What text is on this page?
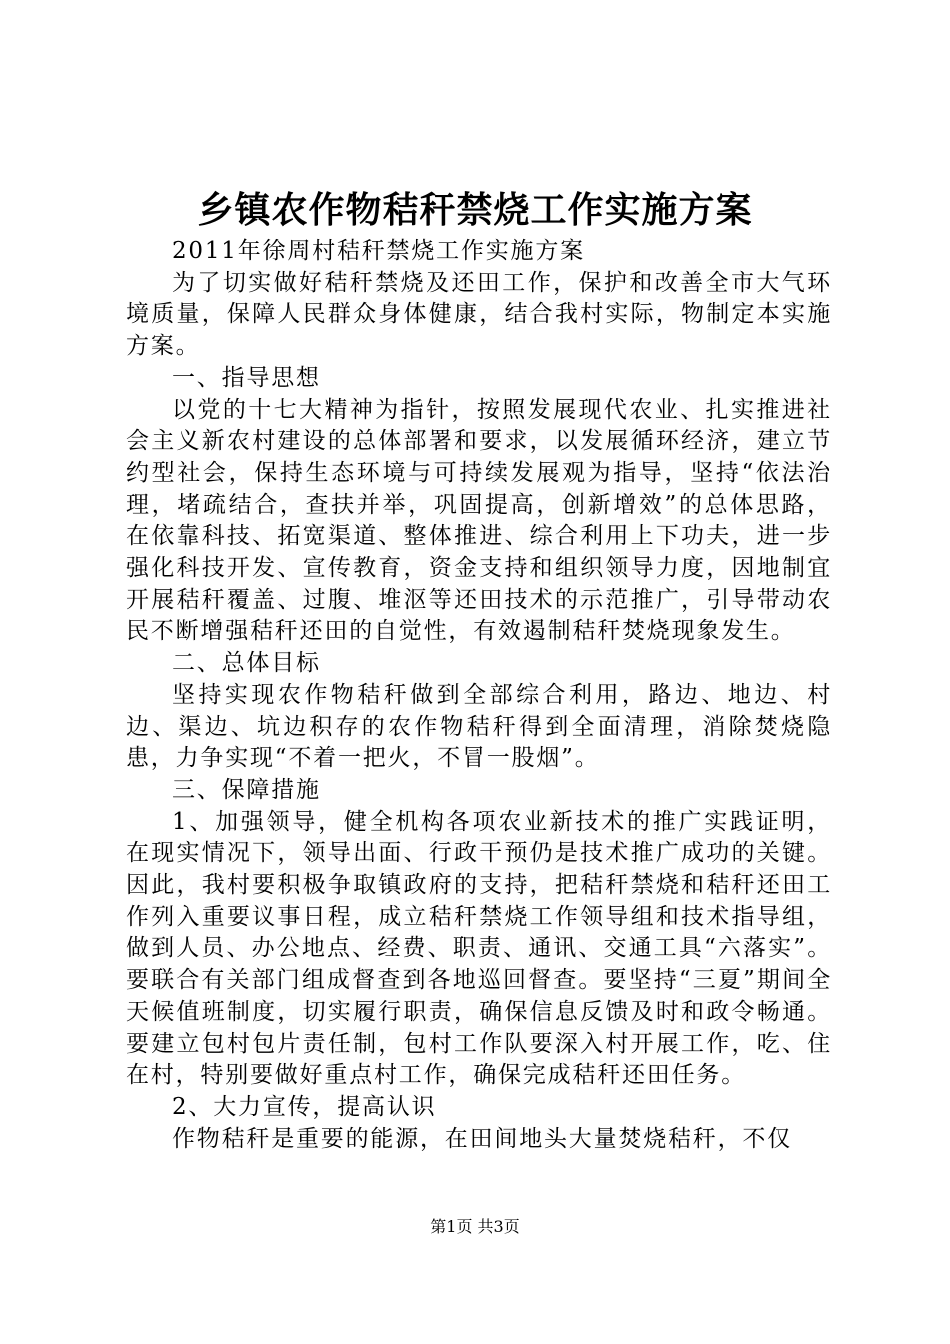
乡镇农作物秸秆禁烧工作实施方案

2011年徐周村秸秆禁烧工作实施方案

为了切实做好秸秆禁烧及还田工作，保护和改善全市大气环境质量，保障人民群众身体健康，结合我村实际，物制定本实施方案。

一、指导思想

以党的十七大精神为指针，按照发展现代农业、扎实推进社会主义新农村建设的总体部署和要求，以发展循环经济，建立节约型社会，保持生态环境与可持续发展观为指导，坚持“依法治理，堵疏结合，查扶并举，巩固提高，创新增效”的总体思路，在依靠科技、拓宽渠道、整体推进、综合利用上下功夫，进一步强化科技开发、宣传教育，资金支持和组织领导力度，因地制宜开展秸秆覆盖、过腹、堆沤等还田技术的示范推广，引导带动农民不断增强秸秆还田的自觉性，有效遏制秸秆焚烧现象发生。

二、总体目标

坚持实现农作物秸秆做到全部综合利用，路边、地边、村边、渠边、坑边积存的农作物秸秆得到全面清理，消除焚烧隐患，力争实现“不着一把火，不冒一股烟”。

三、保障措施

1、加强领导，健全机构各项农业新技术的推广实践证明，在现实情况下，领导出面、行政干预仍是技术推广成功的关键。因此，我村要积极争取镇政府的支持，把秸秆禁烧和秸秆还田工作列入重要议事日程，成立秸秆禁烧工作领导组和技术指导组，做到人员、办公地点、经费、职责、通讯、交通工具“六落实”。要联合有关部门组成督查到各地巡回督查。要坚持“三夏”期间全天候值班制度，切实履行职责，确保信息反馈及时和政令畅通。要建立包村包片责任制，包村工作队要深入村开展工作，吃、住在村，特别要做好重点村工作，确保完成秸秆还田任务。

2、大力宣传，提高认识

作物秸秆是重要的能源，在田间地头大量焚烧秸秆，不仅

第1页 共3页
